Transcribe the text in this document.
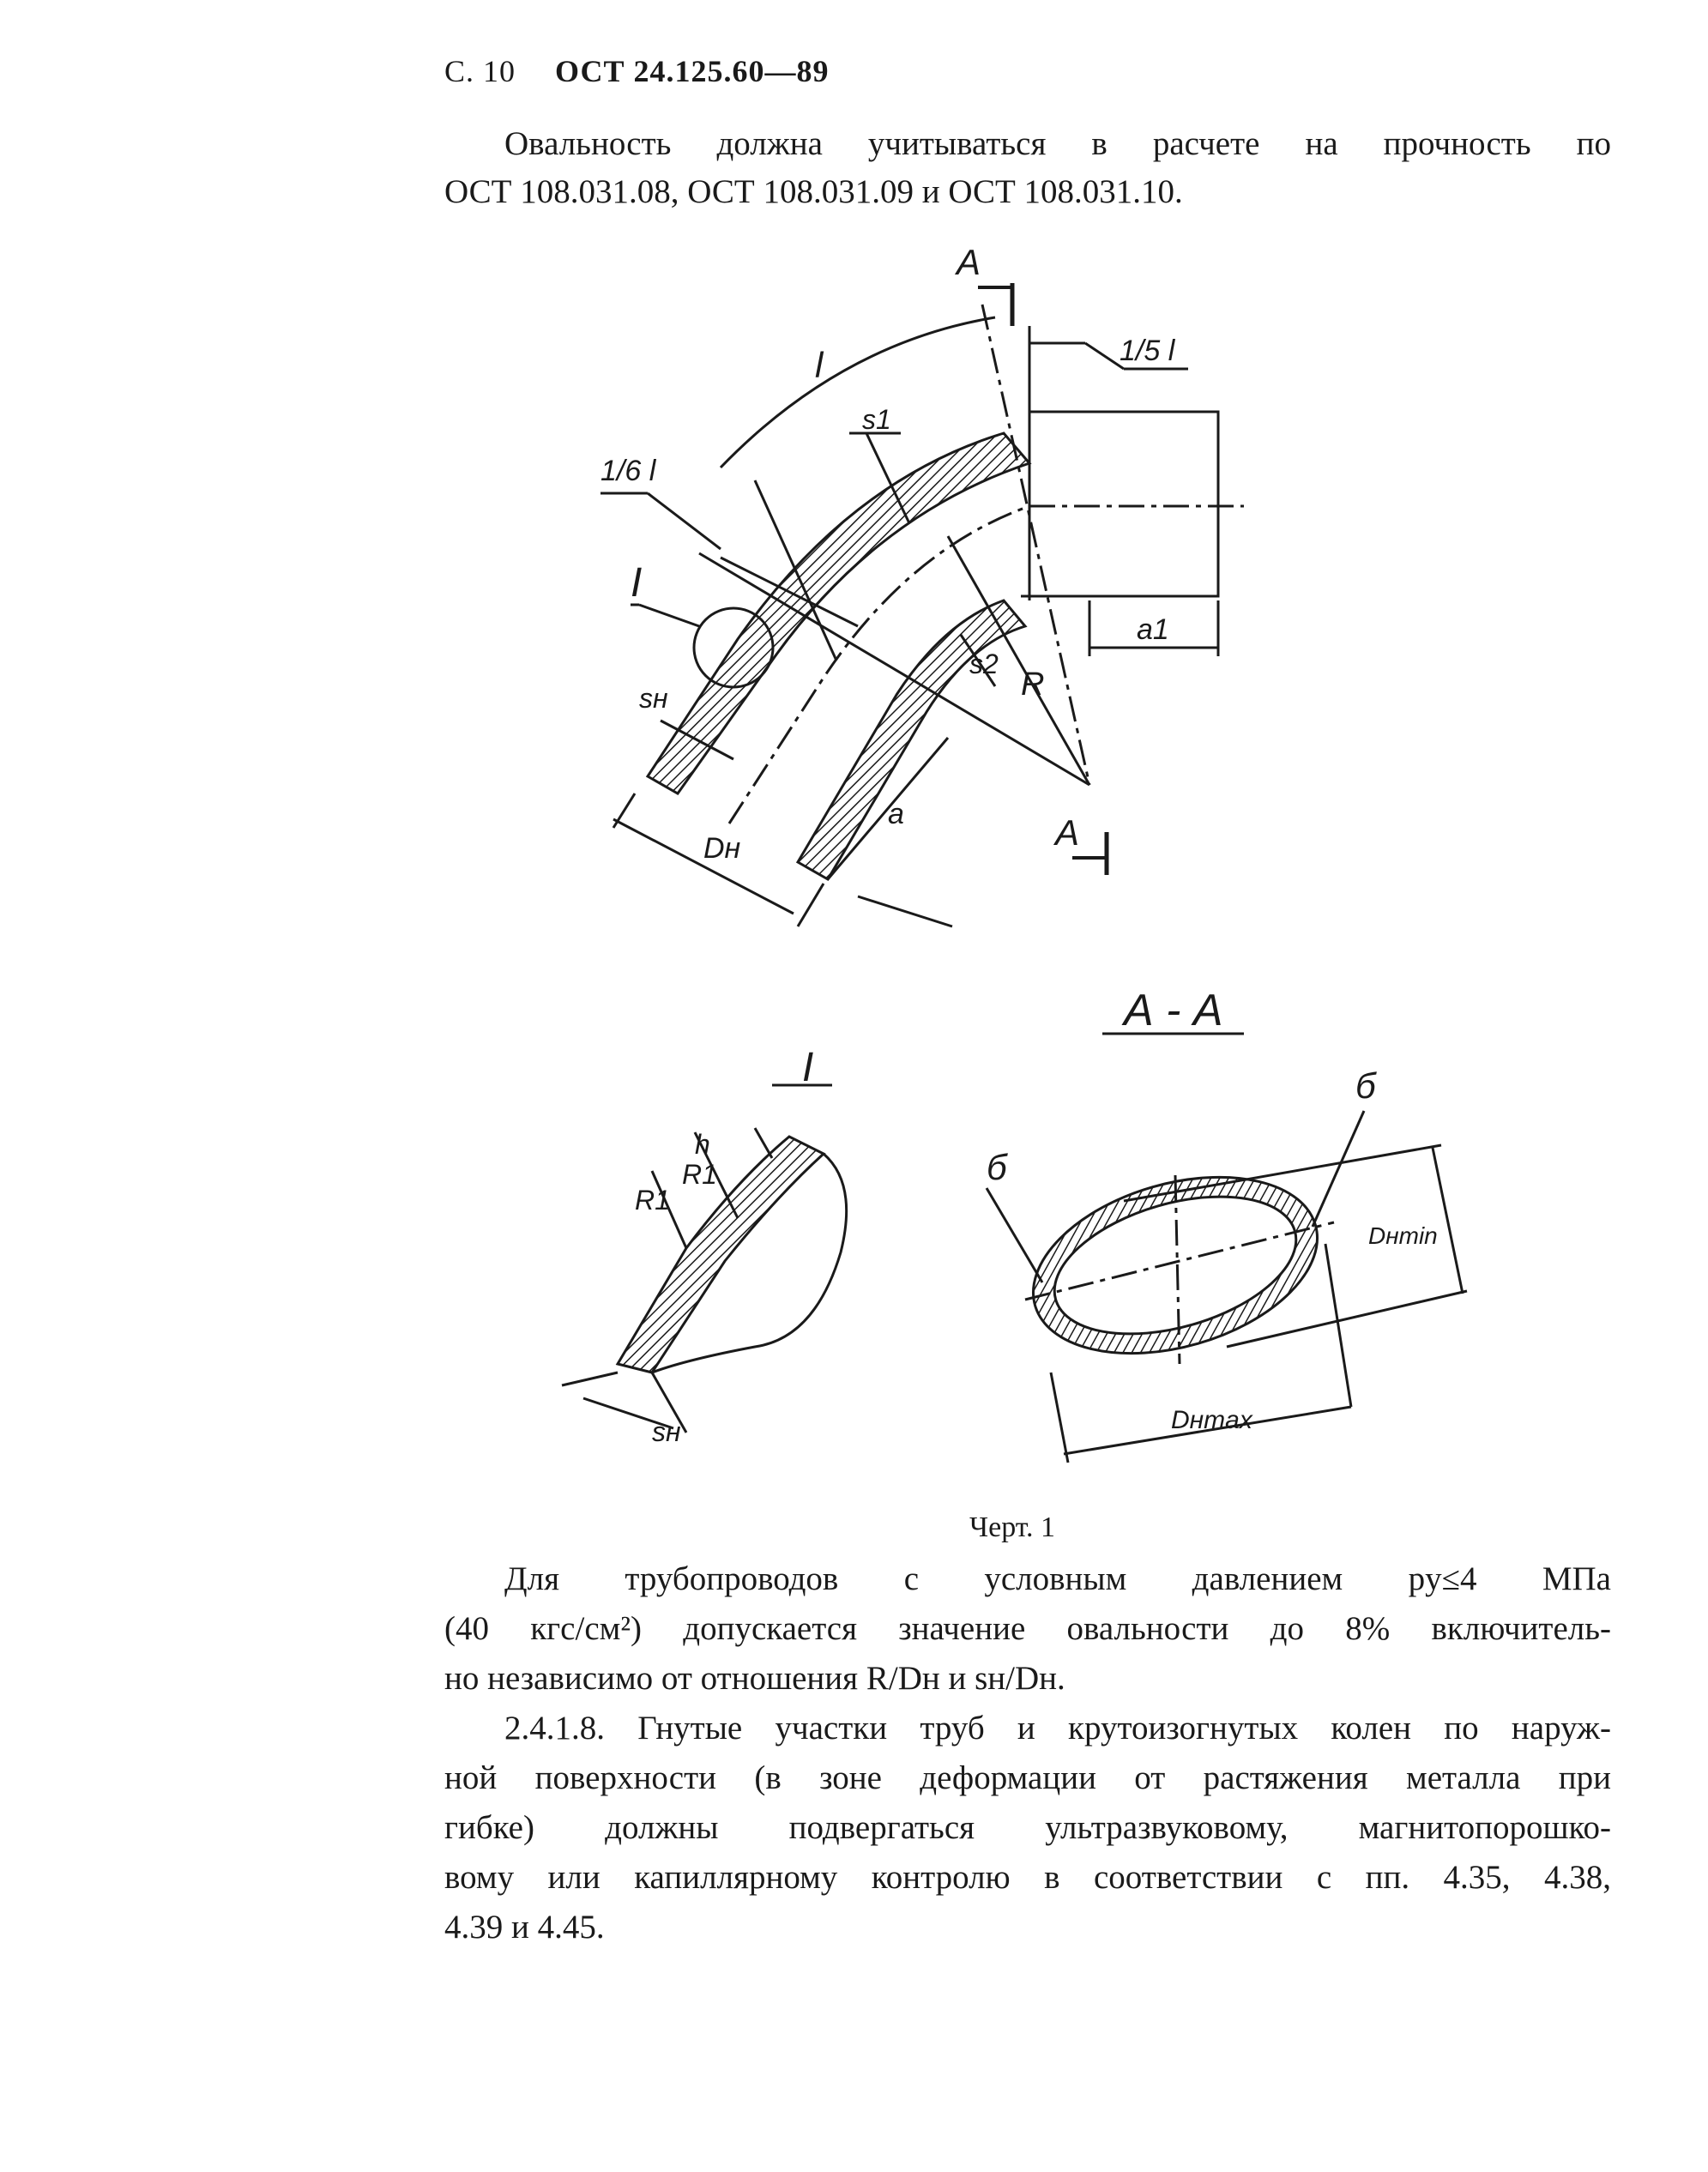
С. 10 ОСТ 24.125.60—89
Овальность должна учитываться в расчете на прочность по
ОСТ 108.031.08, ОСТ 108.031.09 и ОСТ 108.031.10.
A
l	1/5 l
1/6 l
s1
s2
sн
I
R
a1
a
Dн	A
I
h
R1
R1
sн
А - А
б
б
Dнmin
Dнmax
Черт. 1
Для трубопроводов с условным давлением pу≤4 МПа
(40 кгс/см²) допускается значение овальности до 8% включитель-
но независимо от отношения R/Dн и sн/Dн.
2.4.1.8. Гнутые участки труб и крутоизогнутых колен по наруж-
ной поверхности (в зоне деформации от растяжения металла при
гибке) должны подвергаться ультразвуковому, магнитопорошко-
вому или капиллярному контролю в соответствии с пп. 4.35, 4.38,
4.39 и 4.45.
